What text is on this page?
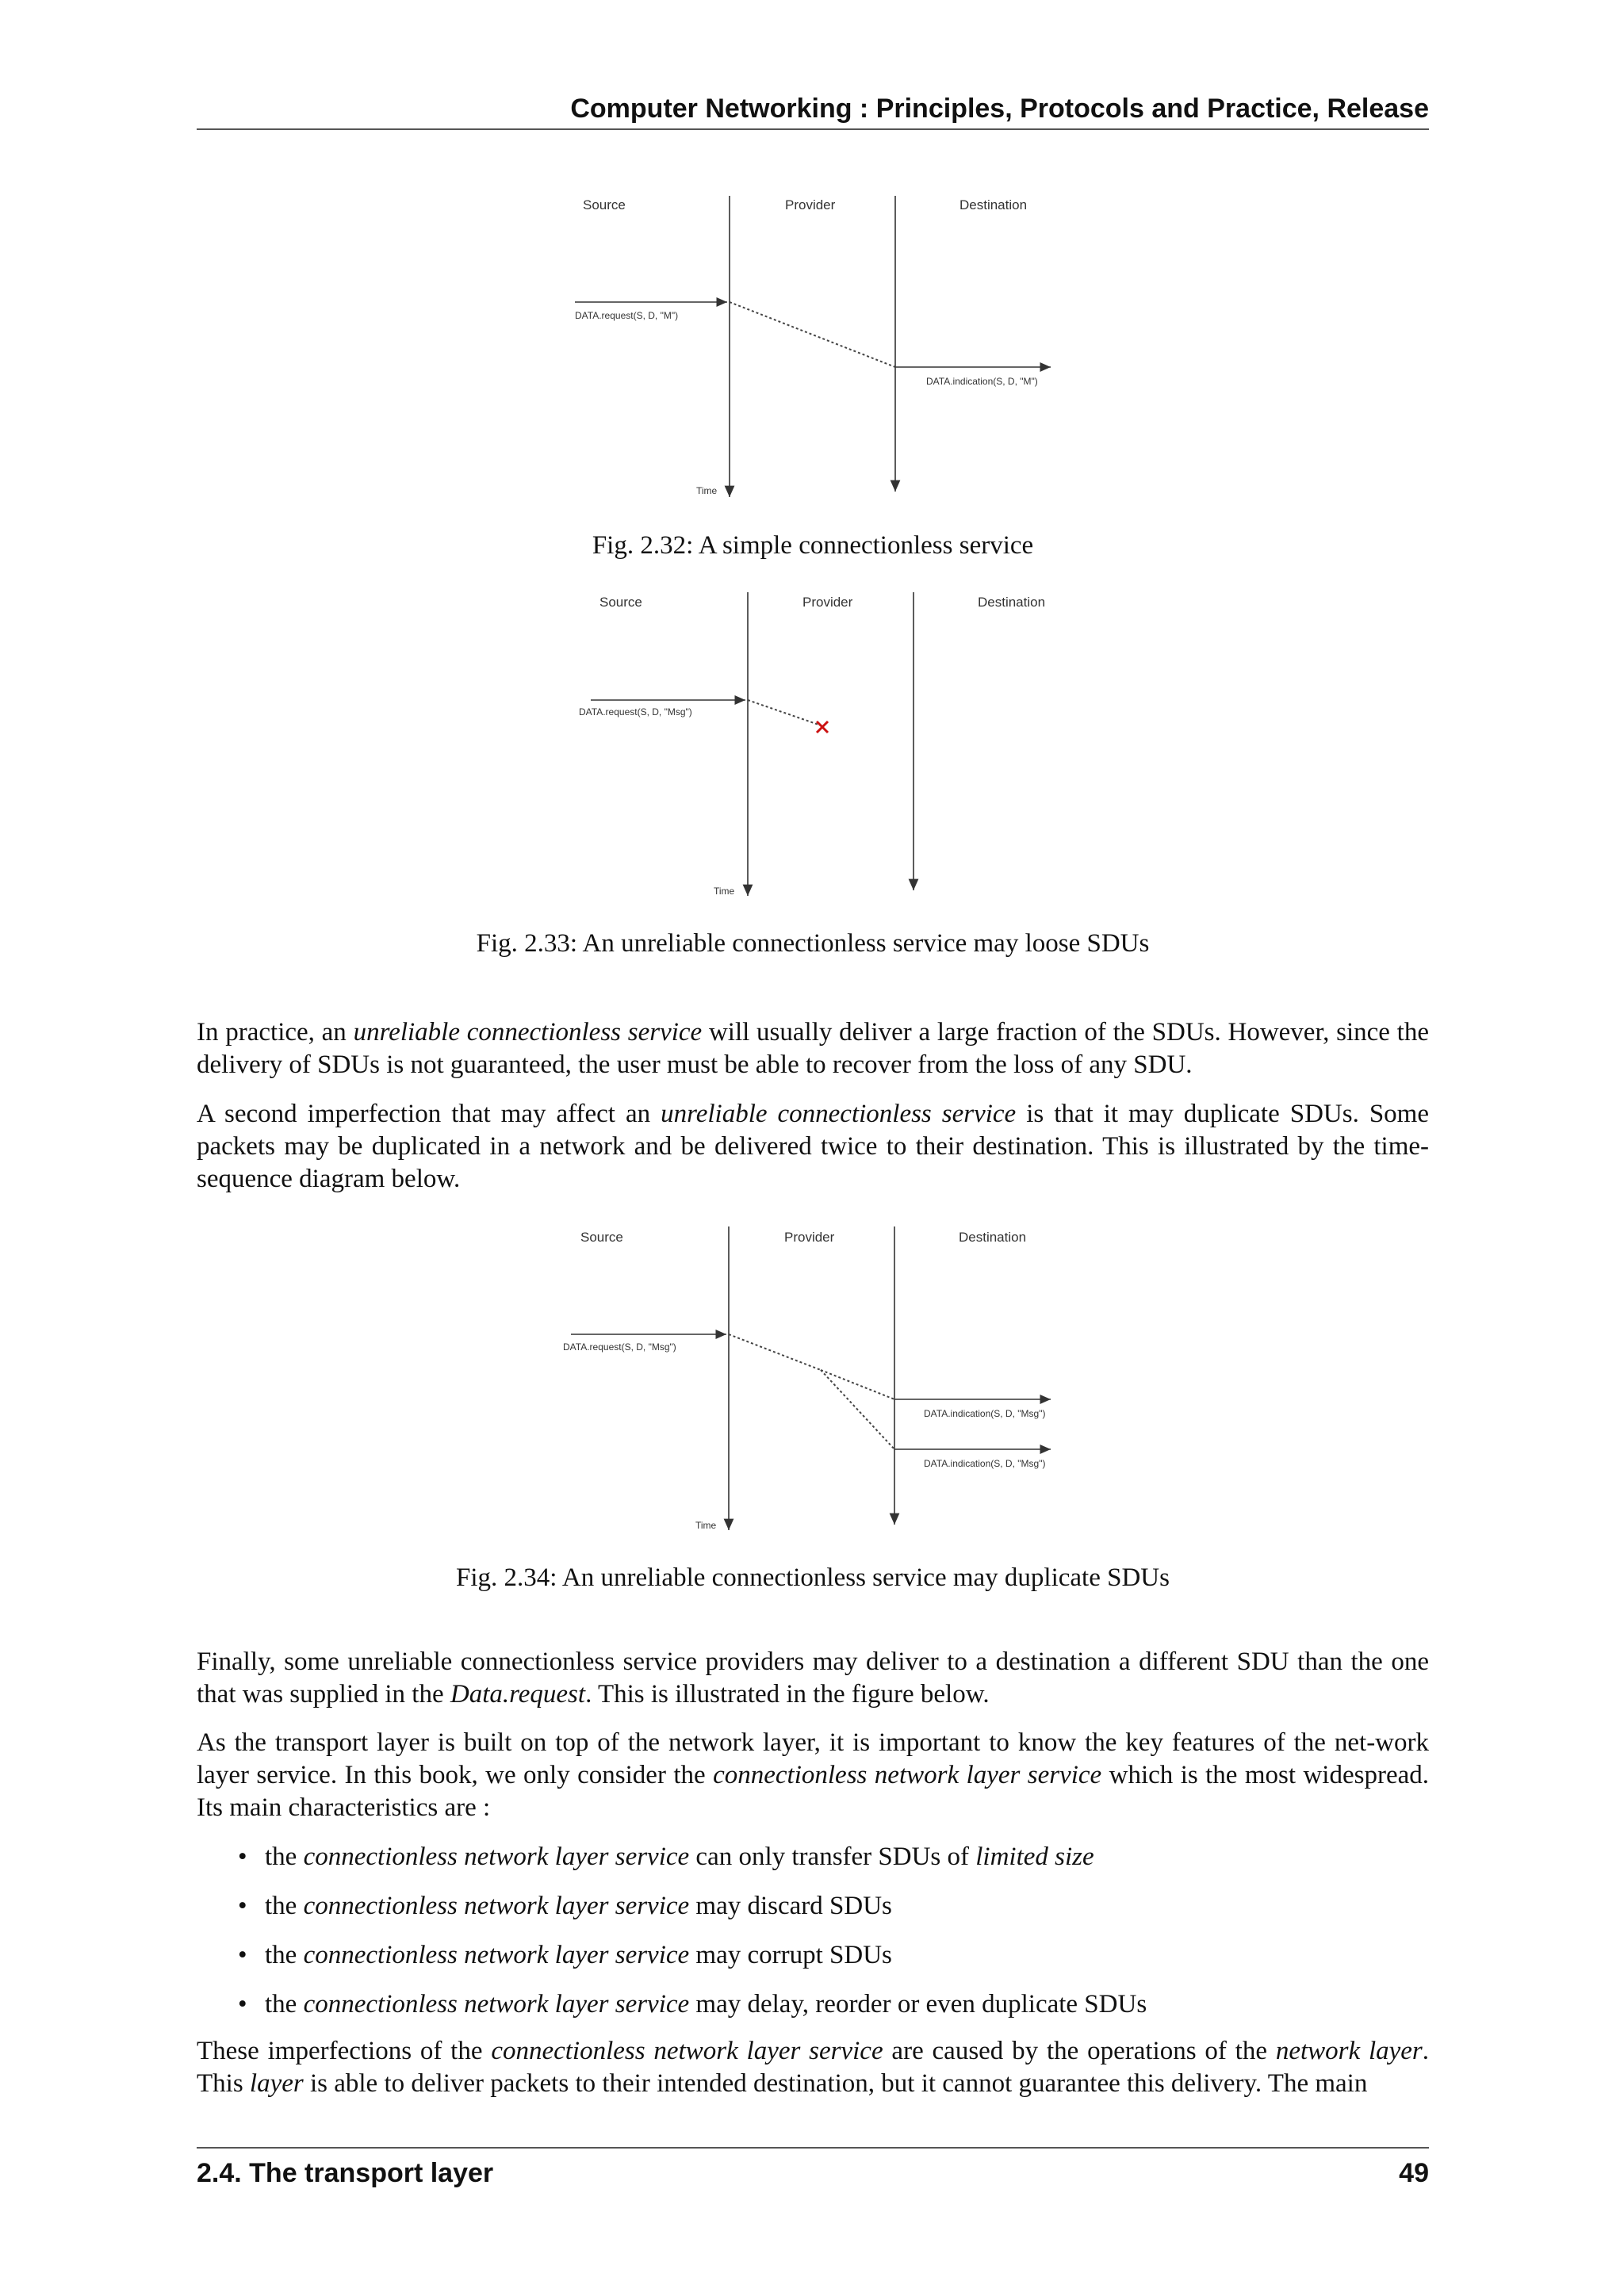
Computer Networking : Principles, Protocols and Practice, Release
Source	Provider	Destination
DATA.request(S, D, "M")
DATA.indication(S, D, "M")
Time
Fig. 2.32: A simple connectionless service
Source	Provider	Destination
DATA.request(S, D, "Msg")
Time
Fig. 2.33: An unreliable connectionless service may loose SDUs

In practice, an unreliable connectionless service will usually deliver a large fraction of the SDUs. However, since the delivery of SDUs is not guaranteed, the user must be able to recover from the loss of any SDU.

A second imperfection that may affect an unreliable connectionless service is that it may duplicate SDUs. Some packets may be duplicated in a network and be delivered twice to their destination. This is illustrated by the time-sequence diagram below.

Source	Provider	Destination
DATA.request(S, D, "Msg")
DATA.indication(S, D, "Msg")
DATA.indication(S, D, "Msg")
Time
Fig. 2.34: An unreliable connectionless service may duplicate SDUs

Finally, some unreliable connectionless service providers may deliver to a destination a different SDU than the one that was supplied in the Data.request. This is illustrated in the figure below.

As the transport layer is built on top of the network layer, it is important to know the key features of the net-work layer service. In this book, we only consider the connectionless network layer service which is the most widespread. Its main characteristics are :

• the connectionless network layer service can only transfer SDUs of limited size
• the connectionless network layer service may discard SDUs
• the connectionless network layer service may corrupt SDUs
• the connectionless network layer service may delay, reorder or even duplicate SDUs

These imperfections of the connectionless network layer service are caused by the operations of the network layer. This layer is able to deliver packets to their intended destination, but it cannot guarantee this delivery. The main

2.4. The transport layer	49
